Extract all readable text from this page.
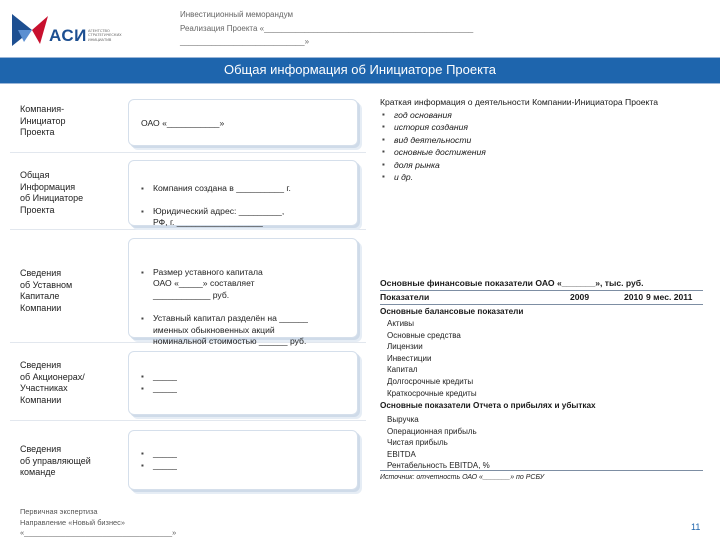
АСИ АГЕНТСТВО СТРАТЕГИЧЕСКИХ ИНИЦИАТИВ
Инвестиционный меморандум
Реализация Проекта «_______________________________________________
____________________________»
Общая информация об Инициаторе Проекта
Компания-
Инициатор
Проекта
ОАО «___________»
Общая
Информация
об Инициаторе
Проекта

▪ Компания создана в __________ г.

▪ Юридический адрес: _________,
РФ, г. __________________

▪

Сведения
об Уставном
Капитале
Компании

▪ Размер уставного капитала
ОАО «_____» составляет
____________ руб.

▪ Уставный капитал разделён на ______
именных обыкновенных акций
номинальной стоимостью ______ руб.

Сведения
об Акционерах/
Участниках
Компании
▪ _____
▪ _____
Сведения
об управляющей
команде
▪ _____
▪ _____
Краткая информация о деятельности Компании-Инициатора Проекта
▪ год основания
▪ история создания
▪ вид деятельности
▪ основные достижения
▪ доля рынка
▪ и др.
Основные финансовые показатели ОАО «_______», тыс. руб.
Показатели	2009	2010 9 мес. 2011
Основные балансовые показатели
Активы
Основные средства
Лицензии
Инвестиции
Капитал
Долгосрочные кредиты
Краткосрочные кредиты
Основные показатели Отчета о прибылях и убытках
Выручка
Операционная прибыль
Чистая прибыль
EBITDA
Рентабельность EBITDA, %
Источник: отчетность ОАО «_______» по РСБУ
Первичная экспертиза
Направление «Новый бизнес»
«____________________________________»
11
